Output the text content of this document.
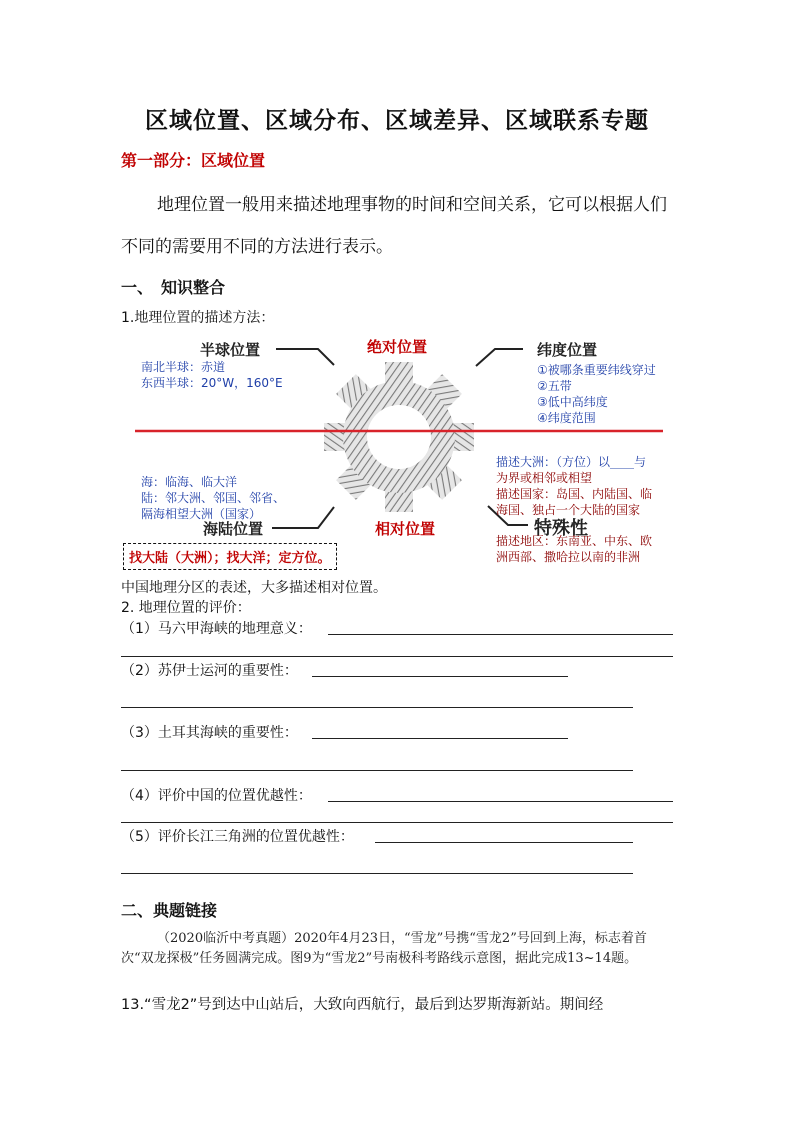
区域位置、区域分布、区域差异、区域联系专题
第一部分：区域位置
地理位置一般用来描述地理事物的时间和空间关系，它可以根据人们不同的需要用不同的方法进行表示。
一、　知识整合
1.地理位置的描述方法：
半球位置
南北半球：赤道
东西半球：20°W，160°E
绝对位置	纬度位置
①被哪条重要纬线穿过
②五带
③低中高纬度
④纬度范围
海：临海、临大洋
陆：邻大洲、邻国、邻省、
隔海相望大洲（国家）
海陆位置	相对位置
描述大洲：（方位）以____与
为界或相邻或相望
描述国家：岛国、内陆国、临
海国、独占一个大陆的国家
特殊性
描述地区：东南亚、中东、欧
洲西部、撒哈拉以南的非洲
找大陆（大洲）；找大洋；定方位。
中国地理分区的表述，大多描述相对位置。
2. 地理位置的评价：
（1）马六甲海峡的地理意义：
（2）苏伊士运河的重要性：
（3）土耳其海峡的重要性：
（4）评价中国的位置优越性：
（5）评价长江三角洲的位置优越性：
二、典题链接
（2020临沂中考真题）2020年4月23日，“雪龙”号携“雪龙2”号回到上海，标志着首次“双龙探极”任务圆满完成。图9为“雪龙2”号南极科考路线示意图，据此完成13~14题。
13.“雪龙2”号到达中山站后，大致向西航行，最后到达罗斯海新站。期间经
